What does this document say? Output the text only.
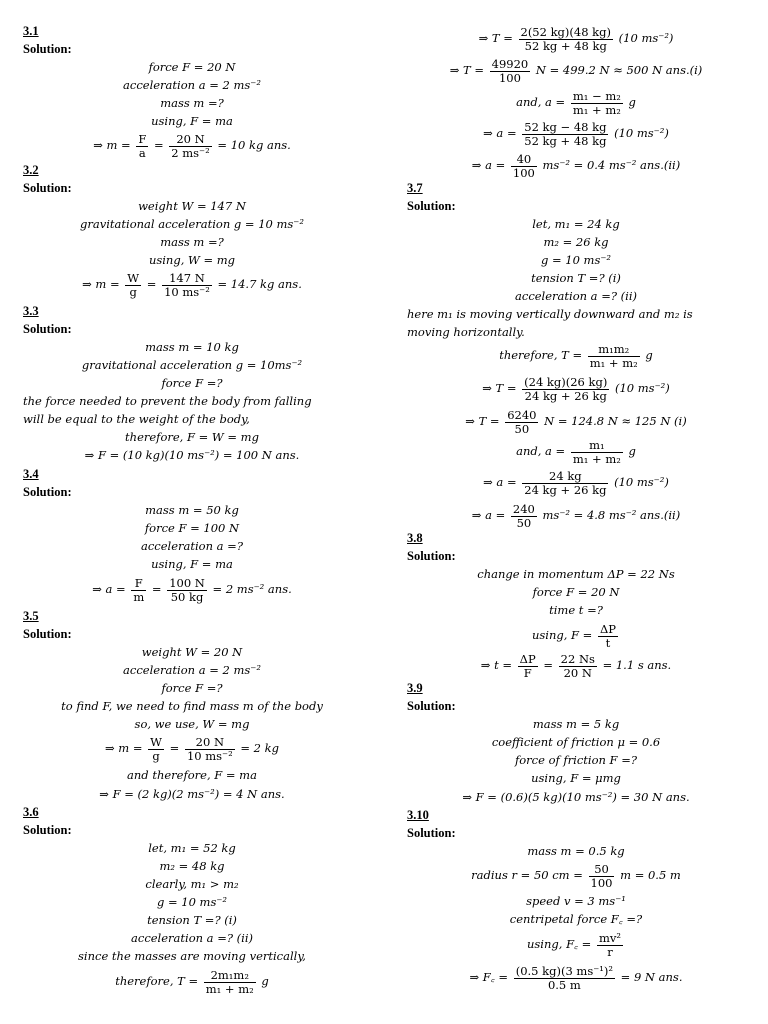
3.1
Solution:
force F = 20 N
acceleration a = 2 ms⁻²
mass m =?
using, F = ma
⇒ $m = \frac{F}{a} = \frac{20 N}{\text{2 ms⁻²}} = 10$ kg ans.
3.2
Solution:
weight W = 147 N
gravitational acceleration g = 10 ms⁻²
mass m =?
using, W = mg
⇒ $m = \frac{W}{g} = \frac{147 N}{\text{10 ms⁻²}} = 14.7$ kg ans.
3.3
Solution:
mass m = 10 kg
gravitational acceleration g = 10ms⁻²
force F =?
the force needed to prevent the body from falling
will be equal to the weight of the body,
therefore, F = W = mg
⇒ F = (10 kg)(10 ms⁻²) = 100 N ans.
3.4
Solution:
mass m = 50 kg
force F = 100 N
acceleration a =?
using, F = ma
⇒ $a = \frac{F}{m} = \frac{100 N}{50 kg} = 2$ ms⁻² ans.
3.5
Solution:
weight W = 20 N
acceleration a = 2 ms⁻²
force F =?
to find F, we need to find mass m of the body
so, we use, W = mg
⇒ $m = \frac{W}{g} = \frac{20 N}{\text{10 ms⁻²}} = 2$ kg
and therefore, F = ma
⇒ F = (2 kg)(2 ms⁻²) = 4 N ans.
3.6
Solution:
let, m₁ = 52 kg
m₂ = 48 kg
clearly, m₁ > m₂
g = 10 ms⁻²
tension T =? (i)
acceleration a =? (ii)
since the masses are moving vertically,
therefore, $T = \frac{\text{2m₁m₂}}{\text{m₁ + m₂}}$ g
⇒ $T = \frac{2(52 kg)(48 kg)}{52 kg + 48 kg} (10$ ms⁻²)
⇒ $T = \frac{49920}{100}$ N = 499.2 N ≈ 500 N ans.(i)
and, $a = \frac{\text{m₁ − m₂}}{\text{m₁ + m₂}}$ g
⇒ $a = \frac{52 kg - 48 kg}{52 kg + 48 kg} (10$ ms⁻²)
⇒ $a = \frac{40}{100} ms^{-2} = 0.4$ ms⁻² ans.(ii)
3.7
Solution:
let, m₁ = 24 kg
m₂ = 26 kg
g = 10 ms⁻²
tension T =? (i)
acceleration a =? (ii)
here m₁ is moving vertically downward and m₂ is
moving horizontally.
therefore, $T = \frac{\text{m₁m₂}}{\text{m₁ + m₂}}$ g
⇒ $T = \frac{(24 kg)(26 kg)}{24 kg + 26 kg} (10$ ms⁻²)
⇒ $T = \frac{6240}{50}$ N = 124.8 N ≈ 125 N (i)
and, $a = \frac{\text{m₁}}{\text{m₁ + m₂}}$ g
⇒ $a = \frac{24 kg}{24 kg + 26 kg} (10$ ms⁻²)
⇒ $a = \frac{240}{50} ms^{-2} = 4.8$ ms⁻² ans.(ii)
3.8
Solution:
change in momentum ΔP = 22 Ns
force F = 20 N
time t =?
using, $F = \frac{\Delta P}{t}$
⇒ $t = \frac{\Delta P}{F} = \frac{22 Ns}{20 N} = 1.1$ s ans.
3.9
Solution:
mass m = 5 kg
coefficient of friction μ = 0.6
force of friction F =?
using, F = μmg
⇒ F = (0.6)(5 kg)(10 ms⁻²) = 30 N ans.
3.10
Solution:
mass m = 0.5 kg
radius r = 50 cm = $\frac{50}{100}$ m = 0.5 m
speed v = 3 ms⁻¹
centripetal force F꜀ =?
using, F꜀ = $\frac{\text{mv²}}{r}$
⇒ F꜀ = $\frac{\text{(0.5 kg)(3 ms⁻¹)²}}{0.5 m} = 9$ N ans.
